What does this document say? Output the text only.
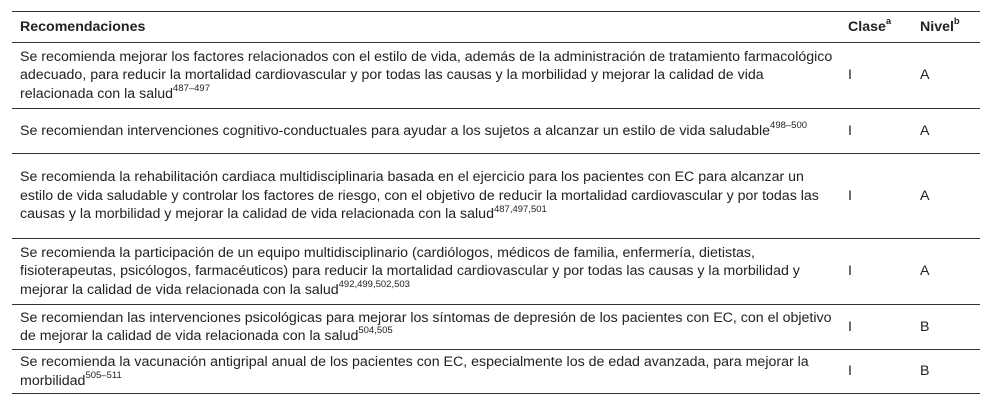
Recomendaciones	Clase$^a$	Nivel$^b$
Se recomienda mejorar los factores relacionados con el estilo de vida, además de la administración de tratamiento farmacológico adecuado, para reducir la mortalidad cardiovascular y por todas las causas y la morbilidad y mejorar la calidad de vida relacionada con la salud$^{487-497}$	I	A
Se recomiendan intervenciones cognitivo-conductuales para ayudar a los sujetos a alcanzar un estilo de vida saludable$^{498-500}$	I	A
Se recomienda la rehabilitación cardiaca multidisciplinaria basada en el ejercicio para los pacientes con EC para alcanzar un estilo de vida saludable y controlar los factores de riesgo, con el objetivo de reducir la mortalidad cardiovascular y por todas las causas y la morbilidad y mejorar la calidad de vida relacionada con la salud$^{487,497,501}$	I	A
Se recomienda la participación de un equipo multidisciplinario (cardiólogos, médicos de familia, enfermería, dietistas, fisioterapeutas, psicólogos, farmacéuticos) para reducir la mortalidad cardiovascular y por todas las causas y la morbilidad y mejorar la calidad de vida relacionada con la salud$^{492,499,502,503}$	I	A
Se recomiendan las intervenciones psicológicas para mejorar los síntomas de depresión de los pacientes con EC, con el objetivo de mejorar la calidad de vida relacionada con la salud$^{504,505}$	I	B
Se recomienda la vacunación antigripal anual de los pacientes con EC, especialmente los de edad avanzada, para mejorar la morbilidad$^{505-511}$	I	B
